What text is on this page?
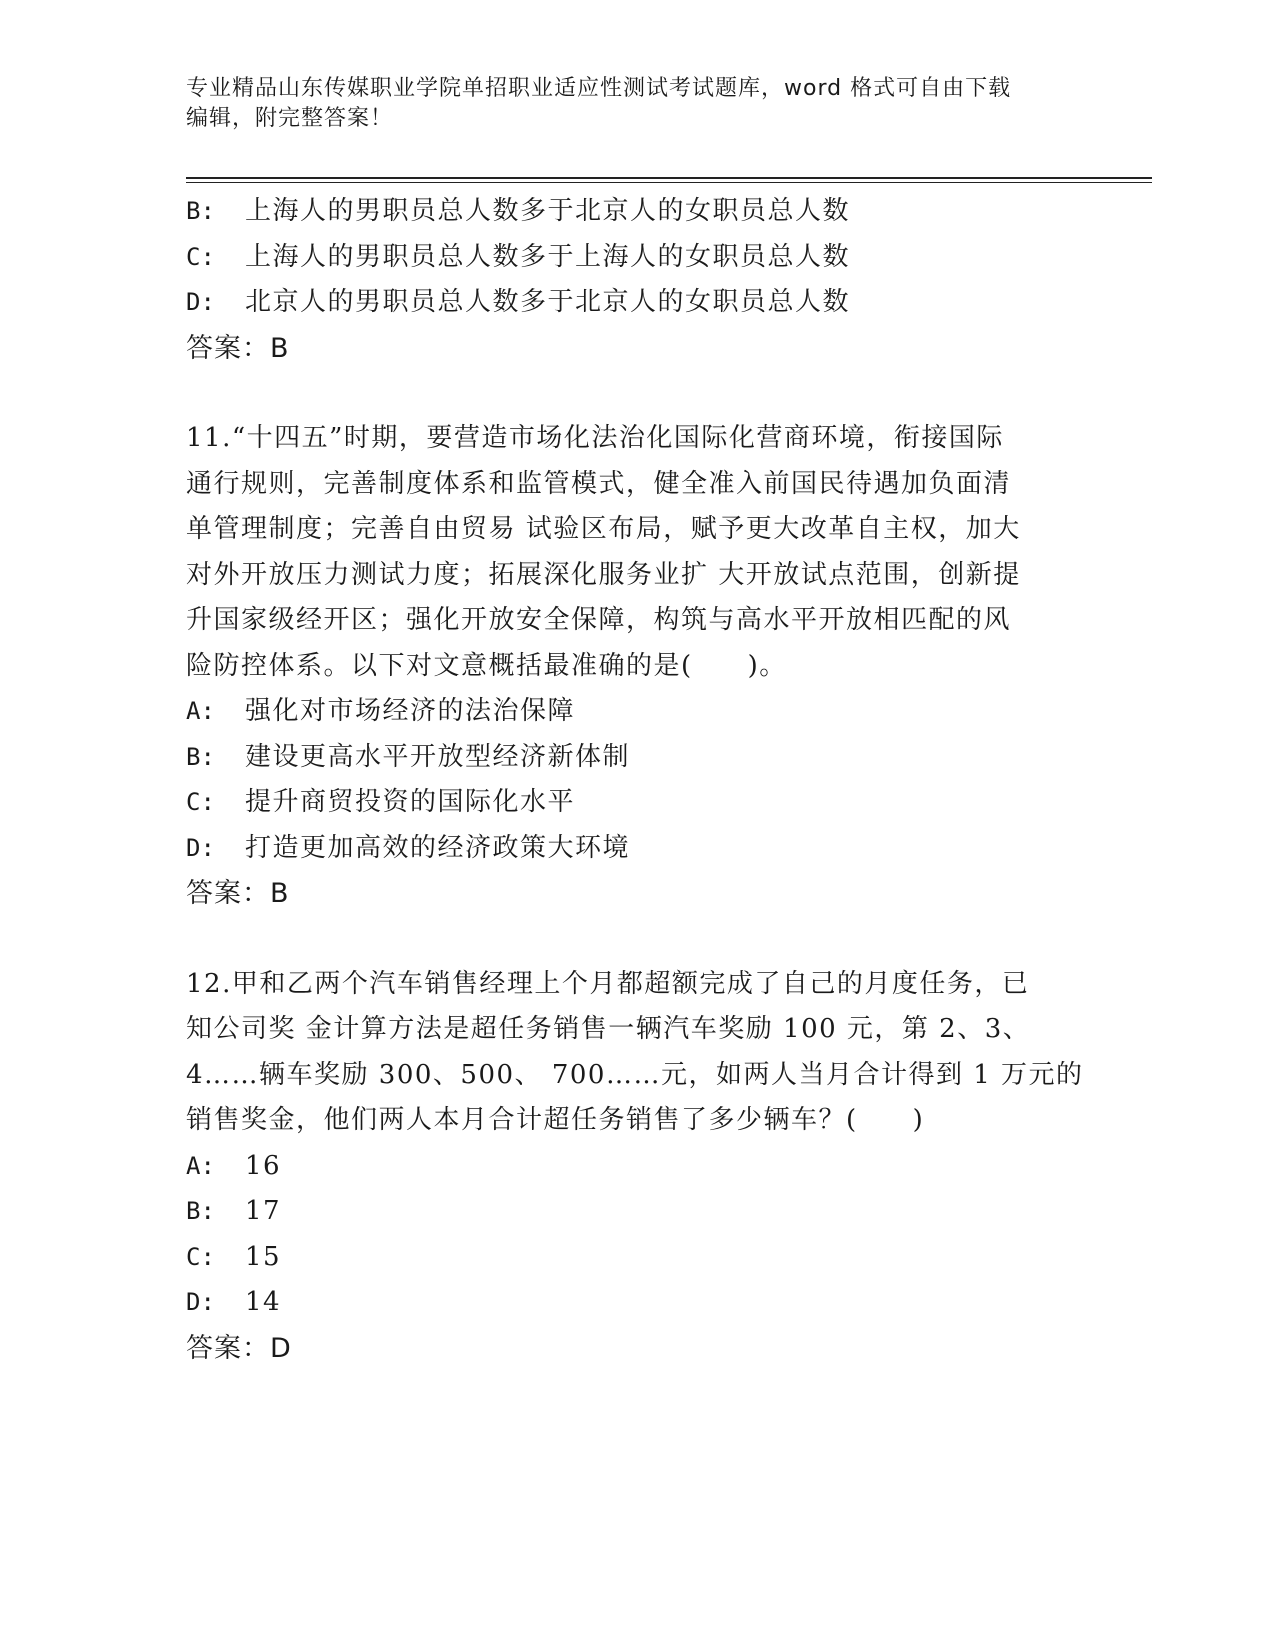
专业精品山东传媒职业学院单招职业适应性测试考试题库，word 格式可自由下载
编辑，附完整答案！
B:	上海人的男职员总人数多于北京人的女职员总人数
C:	上海人的男职员总人数多于上海人的女职员总人数
D:	北京人的男职员总人数多于北京人的女职员总人数
答案：B
11.“十四五”时期，要营造市场化法治化国际化营商环境，衔接国际
通行规则，完善制度体系和监管模式，健全准入前国民待遇加负面清
单管理制度；完善自由贸易 试验区布局，赋予更大改革自主权，加大
对外开放压力测试力度；拓展深化服务业扩 大开放试点范围，创新提
升国家级经开区；强化开放安全保障，构筑与高水平开放相匹配的风
险防控体系。以下对文意概括最准确的是(　　)。
A:	强化对市场经济的法治保障
B:	建设更高水平开放型经济新体制
C:	提升商贸投资的国际化水平
D:	打造更加高效的经济政策大环境
答案：B
12.甲和乙两个汽车销售经理上个月都超额完成了自己的月度任务，已
知公司奖 金计算方法是超任务销售一辆汽车奖励 100 元，第 2、3、
4……辆车奖励 300、500、 700……元，如两人当月合计得到 1 万元的
销售奖金，他们两人本月合计超任务销售了多少辆车？(　　)
A:	16
B:	17
C:	15
D:	14
答案：D
